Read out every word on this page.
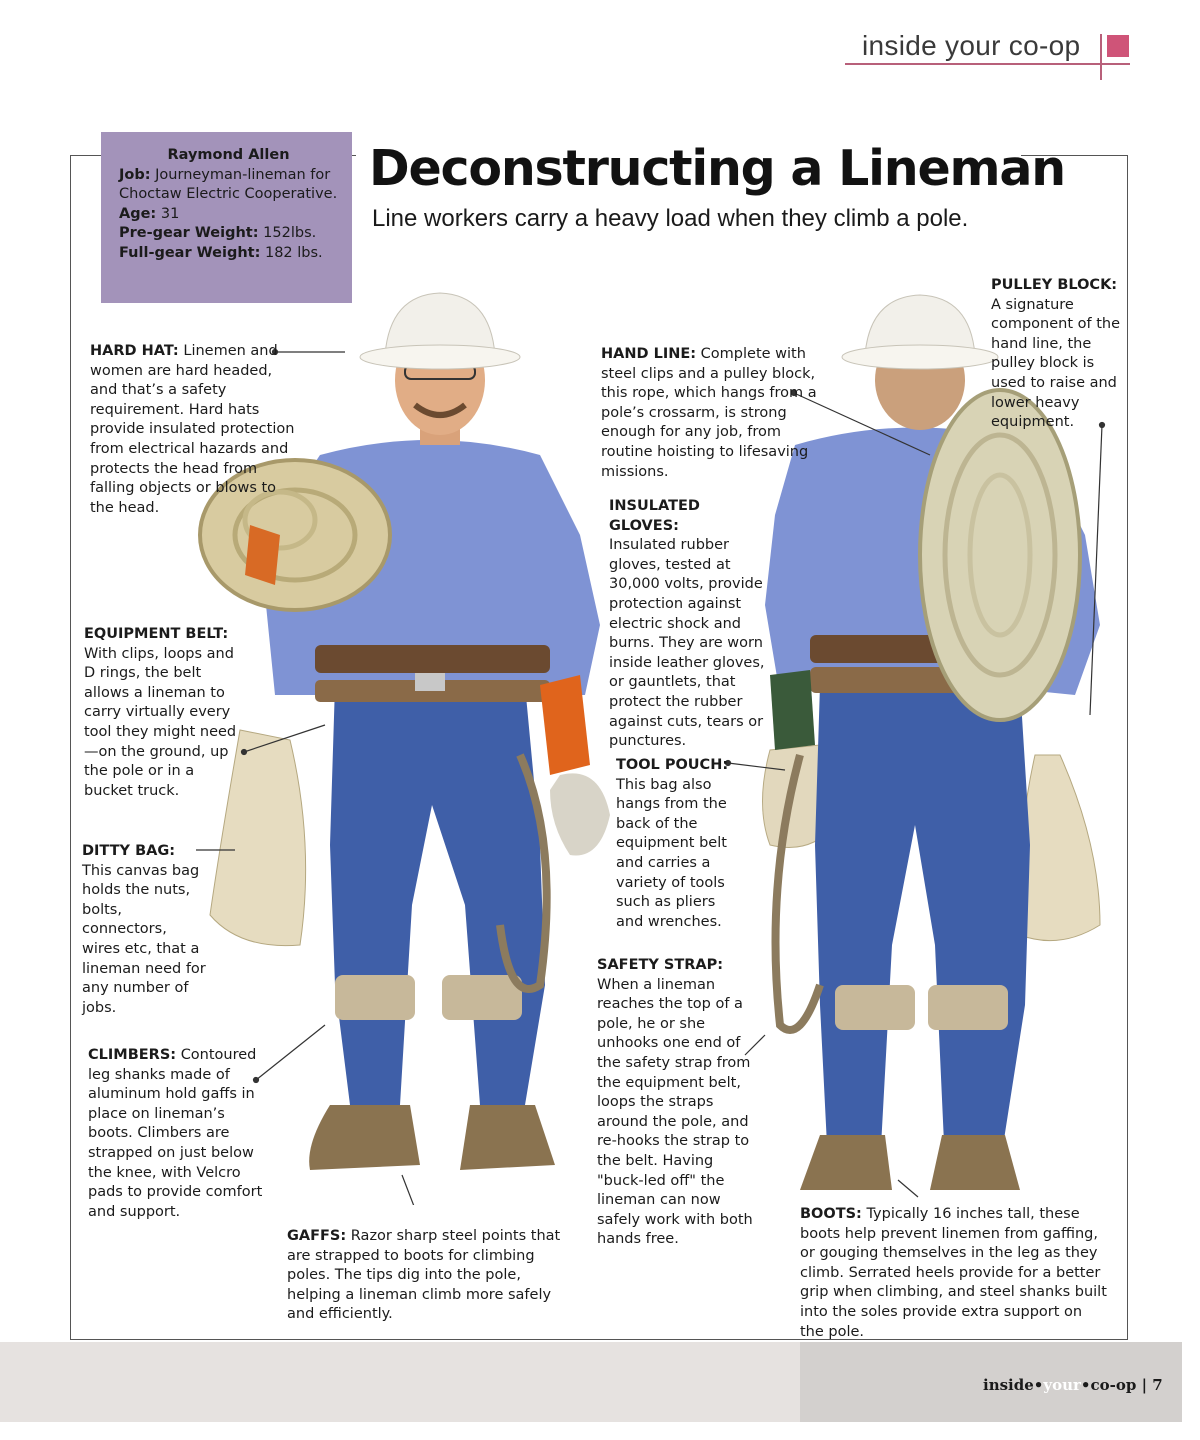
inside your co-op
Raymond Allen
Job: Journeyman-lineman for Choctaw Electric Cooperative.
Age: 31
Pre-gear Weight: 152lbs.
Full-gear Weight: 182 lbs.
Deconstructing a Lineman
Line workers carry a heavy load when they climb a pole.
HARD HAT: Linemen and women are hard headed, and that’s a safety requirement. Hard hats provide insulated protection from electrical hazards and protects the head from falling objects or blows to the head.
EQUIPMENT BELT:
With clips, loops and D rings, the belt allows a lineman to carry virtually every tool they might need—on the ground, up the pole or in a bucket truck.
DITTY BAG: This canvas bag holds the nuts, bolts, connectors, wires etc, that a lineman need for any number of jobs.
CLIMBERS: Contoured leg shanks made of aluminum hold gaffs in place on lineman’s boots. Climbers are strapped on just below the knee, with Velcro pads to provide comfort and support.
GAFFS: Razor sharp steel points that are strapped to boots for climbing poles. The tips dig into the pole, helping a lineman climb more safely and efficiently.
HAND LINE: Complete with steel clips and a pulley block, this rope, which hangs from a pole’s crossarm, is strong enough for any job, from routine hoisting to lifesaving missions.
INSULATED GLOVES:
Insulated rubber gloves, tested at 30,000 volts, provide protection against electric shock and burns. They are worn inside leather gloves, or gauntlets, that protect the rubber against cuts, tears or punctures.
TOOL POUCH:
This bag also hangs from the back of the equipment belt and carries a variety of tools such as pliers and wrenches.
SAFETY STRAP: When a lineman reaches the top of a pole, he or she unhooks one end of the safety strap from the equipment belt, loops the straps around the pole, and re-hooks the strap to the belt. Having "buck-led off" the lineman can now safely work with both hands free.
PULLEY BLOCK:
A signature component of the hand line, the pulley block is used to raise and lower heavy equipment.
BOOTS: Typically 16 inches tall, these boots help prevent linemen from gaffing, or gouging themselves in the leg as they climb. Serrated heels provide for a better grip when climbing, and steel shanks built into the soles provide extra support on the pole.
inside•your•co-op | 7
